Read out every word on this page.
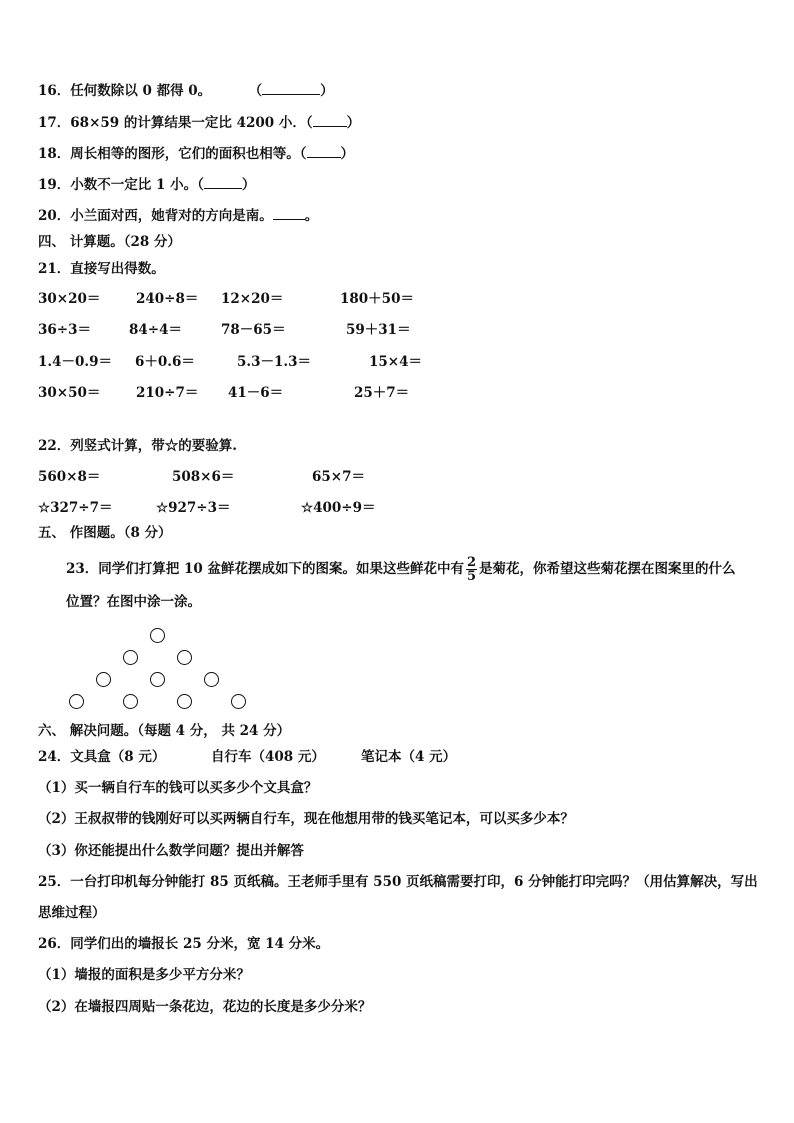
16．任何数除以 0 都得 0。	（	）
17．68×59 的计算结果一定比 4200 小．（	）
18．周长相等的图形，它们的面积也相等。（	）
19．小数不一定比 1 小。（	）
20．小兰面对西，她背对的方向是南。 。
四、 计算题。（28 分）
21．直接写出得数。
30×20＝	240÷8＝ 12×20＝	180＋50＝
36÷3＝	84÷4＝	78－65＝	59＋31＝
1.4－0.9＝ 6＋0.6＝	5.3－1.3＝	15×4＝
30×50＝	210÷7＝ 41－6＝	25＋7＝
22．列竖式计算，带☆的要验算.
560×8＝	508×6＝	65×7＝
☆327÷7＝	☆927÷3＝	☆400÷9＝
五、 作图题。（8 分）
23．同学们打算把 10 盆鲜花摆成如下的图案。如果这些鲜花中有 $\frac{2}{5}$ 是菊花，你希望这些菊花摆在图案里的什么
位置？在图中涂一涂。
六、 解决问题。（每题 4 分， 共 24 分）
24．文具盒（8 元）	自行车（408 元）	笔记本（4 元）
（1）买一辆自行车的钱可以买多少个文具盒？
（2）王叔叔带的钱刚好可以买两辆自行车，现在他想用带的钱买笔记本，可以买多少本？
（3）你还能提出什么数学问题？提出并解答
25．一台打印机每分钟能打 85 页纸稿。王老师手里有 550 页纸稿需要打印，6 分钟能打印完吗？（用估算解决，写出
思维过程）
26．同学们出的墙报长 25 分米，宽 14 分米。
（1）墙报的面积是多少平方分米？
（2）在墙报四周贴一条花边，花边的长度是多少分米？
